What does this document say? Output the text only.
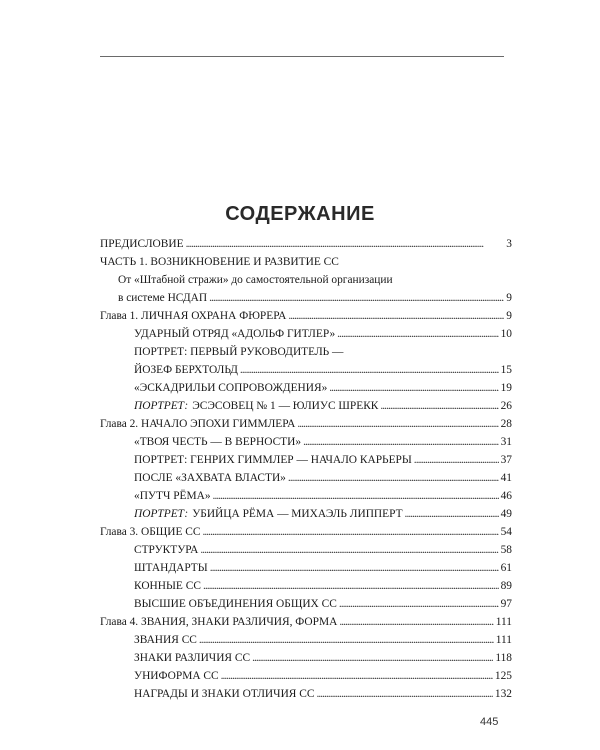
СОДЕРЖАНИЕ
ПРЕДИСЛОВИЕ . . .	3
ЧАСТЬ 1. ВОЗНИКНОВЕНИЕ И РАЗВИТИЕ СС
От «Штабной стражи» до самостоятельной организации
в системе НСДАП . . .	9
Глава 1. ЛИЧНАЯ ОХРАНА ФЮРЕРА . . .	9
УДАРНЫЙ ОТРЯД «АДОЛЬФ ГИТЛЕР» . . .	10
ПОРТРЕТ: ПЕРВЫЙ РУКОВОДИТЕЛЬ —
ЙОЗЕФ БЕРХТОЛЬД . . .	15
«ЭСКАДРИЛЬИ СОПРОВОЖДЕНИЯ» . . .	19
ПОРТРЕТ: ЭСЭСОВЕЦ № 1 — ЮЛИУС ШРЕКК . . .	26
Глава 2. НАЧАЛО ЭПОХИ ГИММЛЕРА . . .	28
«ТВОЯ ЧЕСТЬ — В ВЕРНОСТИ» . . .	31
ПОРТРЕТ: ГЕНРИХ ГИММЛЕР — НАЧАЛО КАРЬЕРЫ . . .	37
ПОСЛЕ «ЗАХВАТА ВЛАСТИ» . . .	41
«ПУТЧ РЁМА» . . .	46
ПОРТРЕТ: УБИЙЦА РЁМА — МИХАЭЛЬ ЛИППЕРТ . . .	49
Глава 3. ОБЩИЕ СС . . .	54
СТРУКТУРА . . .	58
ШТАНДАРТЫ . . .	61
КОННЫЕ СС . . .	89
ВЫСШИЕ ОБЪЕДИНЕНИЯ ОБЩИХ СС . . .	97
Глава 4. ЗВАНИЯ, ЗНАКИ РАЗЛИЧИЯ, ФОРМА . . .	111
ЗВАНИЯ СС . . .	111
ЗНАКИ РАЗЛИЧИЯ СС . . .	118
УНИФОРМА СС . . .	125
НАГРАДЫ И ЗНАКИ ОТЛИЧИЯ СС . . .	132
445
